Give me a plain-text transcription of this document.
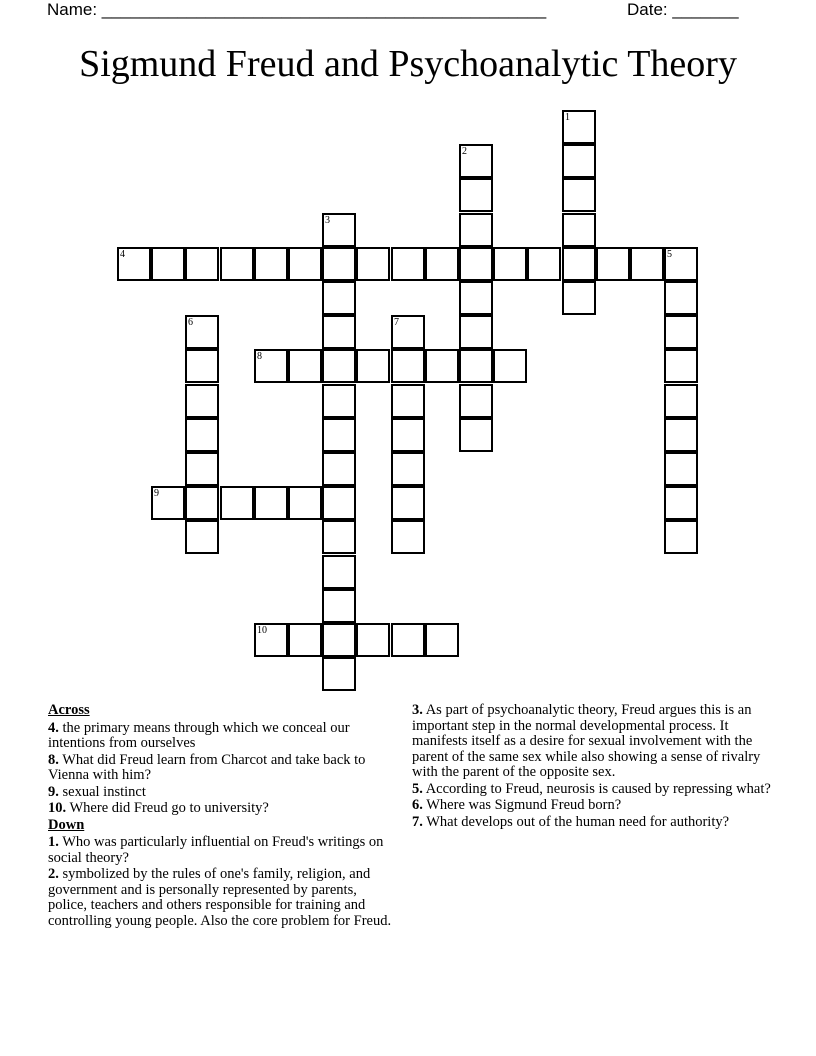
Name: _______________________________________________	Date: _______
Sigmund Freud and Psychoanalytic Theory
1
2
3
4	5
6	7
8
9
10
Across
4. the primary means through which we conceal our intentions from ourselves
8. What did Freud learn from Charcot and take back to Vienna with him?
9. sexual instinct
10. Where did Freud go to university?
Down
1. Who was particularly influential on Freud's writings on social theory?
2. symbolized by the rules of one's family, religion, and government and is personally represented by parents, police, teachers and others responsible for training and controlling young people. Also the core problem for Freud.
3. As part of psychoanalytic theory, Freud argues this is an important step in the normal developmental process. It manifests itself as a desire for sexual involvement with the parent of the same sex while also showing a sense of rivalry with the parent of the opposite sex.
5. According to Freud, neurosis is caused by repressing what?
6. Where was Sigmund Freud born?
7. What develops out of the human need for authority?
